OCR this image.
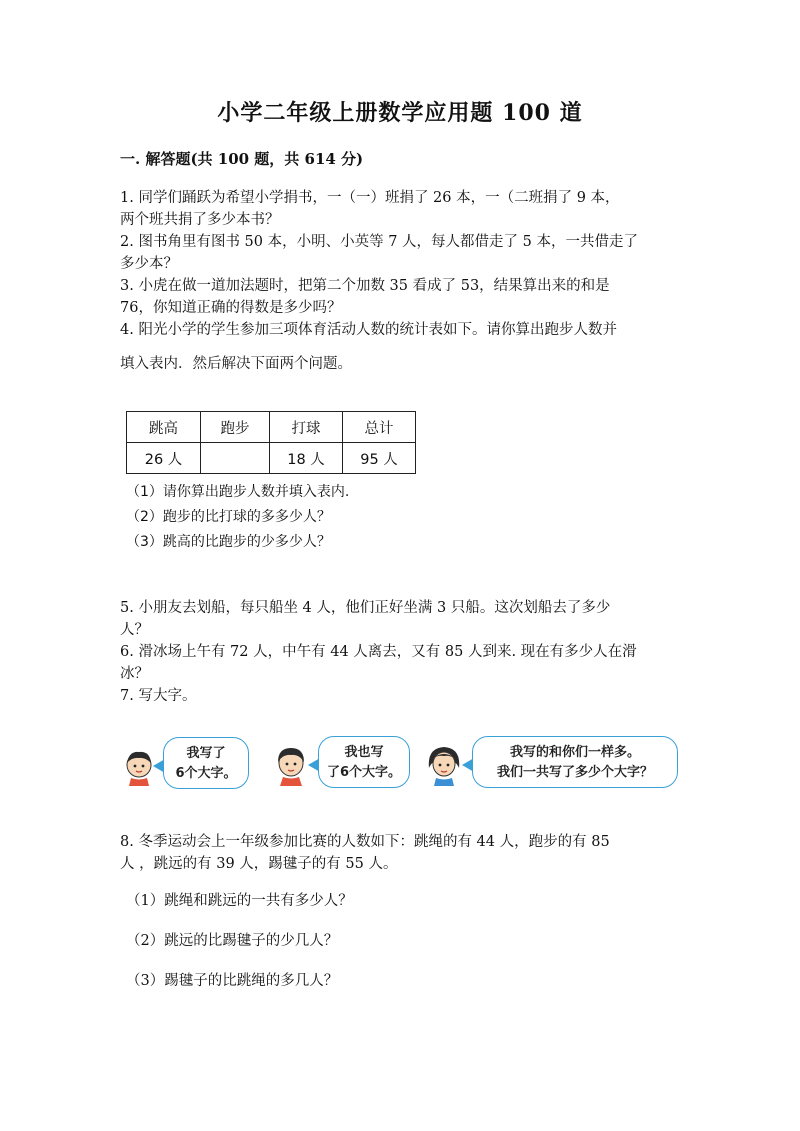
小学二年级上册数学应用题 100 道
一. 解答题(共 100 题，共 614 分)
1. 同学们踊跃为希望小学捐书，一（一）班捐了 26 本，一（二班捐了 9 本，
两个班共捐了多少本书？
2. 图书角里有图书 50 本，小明、小英等 7 人，每人都借走了 5 本，一共借走了
多少本？
3. 小虎在做一道加法题时，把第二个加数 35 看成了 53，结果算出来的和是
76，你知道正确的得数是多少吗？
4. 阳光小学的学生参加三项体育活动人数的统计表如下。请你算出跑步人数并
填入表内．然后解决下面两个问题。
跳高	跑步	打球	总计
26 人		18 人	95 人
（1）请你算出跑步人数并填入表内.
（2）跑步的比打球的多多少人？
（3）跳高的比跑步的少多少人？
5. 小朋友去划船，每只船坐 4 人，他们正好坐满 3 只船。这次划船去了多少
人？
6. 滑冰场上午有 72 人，中午有 44 人离去，又有 85 人到来. 现在有多少人在滑
冰？
7. 写大字。
我写了
6个大字。
我也写
了6个大字。
我写的和你们一样多。
我们一共写了多少个大字？
8. 冬季运动会上一年级参加比赛的人数如下：跳绳的有 44 人，跑步的有 85
人 ，跳远的有 39 人，踢毽子的有 55 人。
（1）跳绳和跳远的一共有多少人？
（2）跳远的比踢毽子的少几人？
（3）踢毽子的比跳绳的多几人？
